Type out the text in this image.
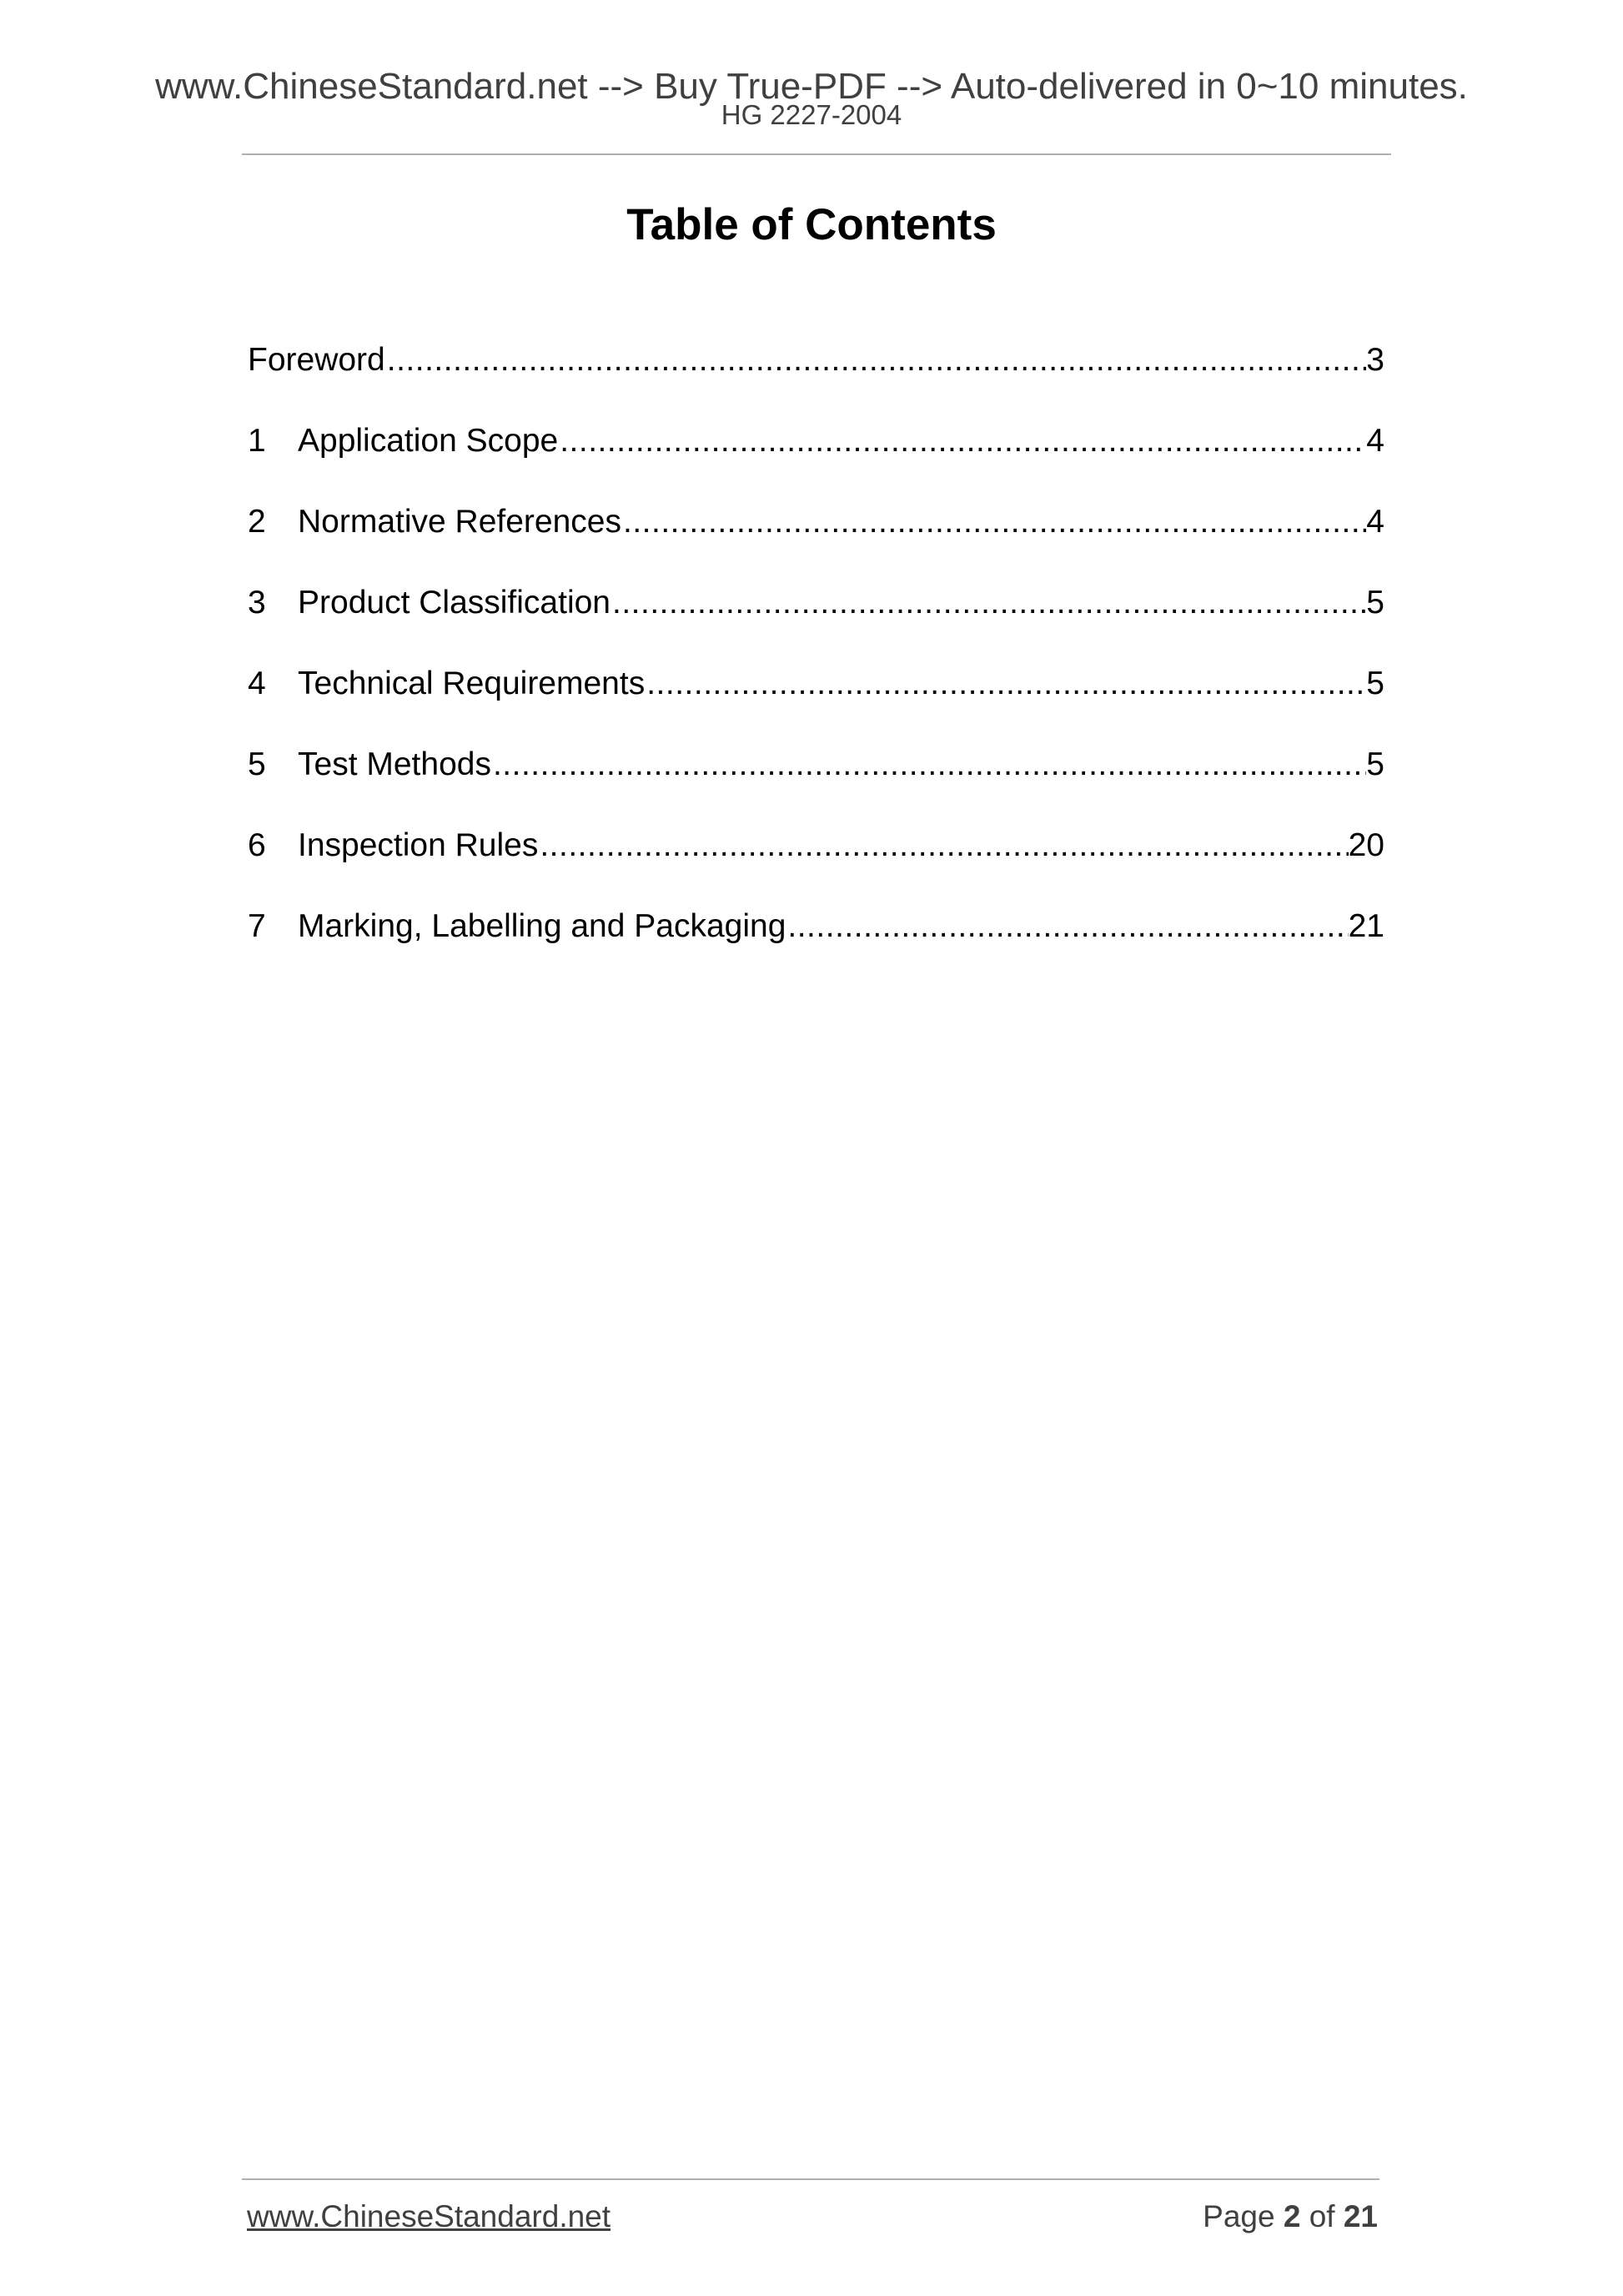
www.ChineseStandard.net --> Buy True-PDF --> Auto-delivered in 0~10 minutes.
HG 2227-2004
Table of Contents
Foreword .....	3
1 Application Scope .....	4
2 Normative References .....	4
3 Product Classification .....	5
4 Technical Requirements .....	5
5 Test Methods .....	5
6 Inspection Rules .....	20
7 Marking, Labelling and Packaging .....	21
www.ChineseStandard.net	Page 2 of 21
